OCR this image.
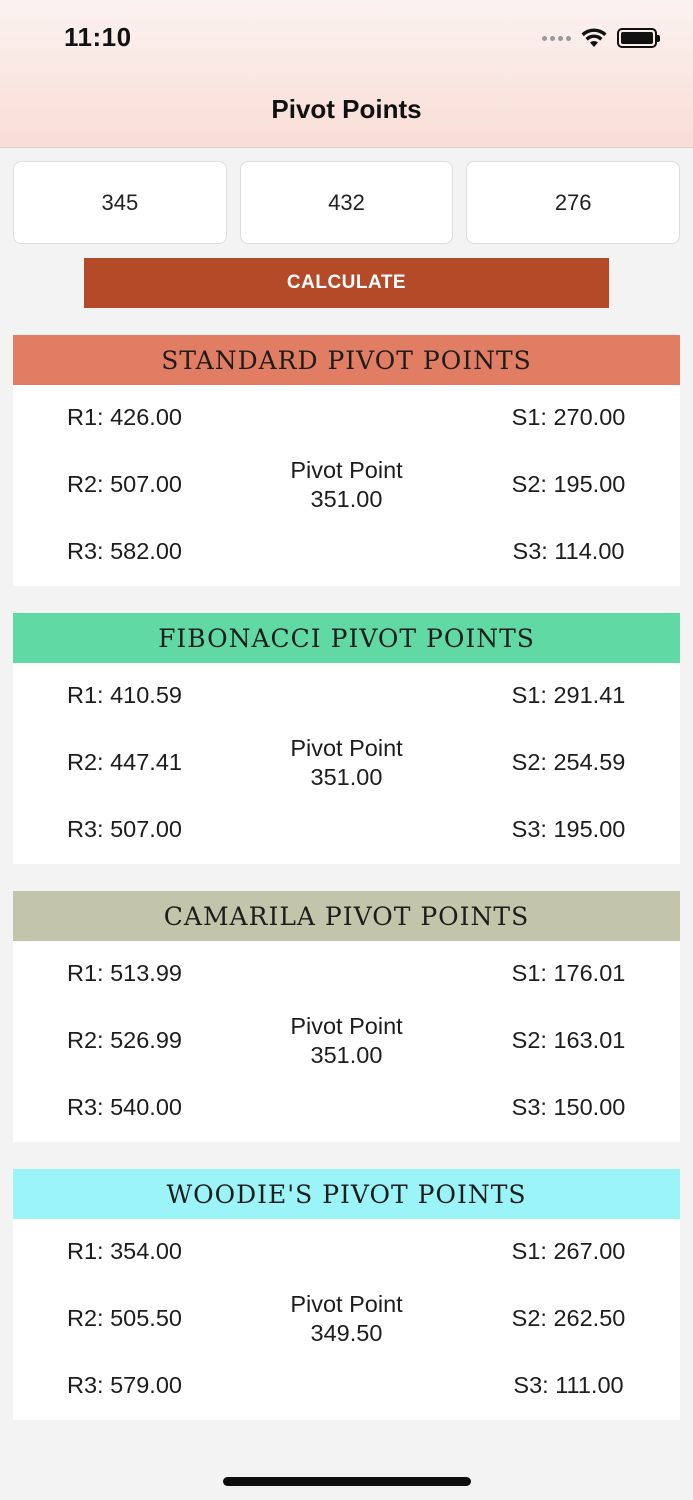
11:10
Pivot Points
345	432	276
CALCULATE
STANDARD PIVOT POINTS
R1: 426.00
R2: 507.00
R3: 582.00
Pivot Point
351.00
S1: 270.00
S2: 195.00
S3: 114.00
FIBONACCI PIVOT POINTS
R1: 410.59
R2: 447.41
R3: 507.00
Pivot Point
351.00
S1: 291.41
S2: 254.59
S3: 195.00
CAMARILA PIVOT POINTS
R1: 513.99
R2: 526.99
R3: 540.00
Pivot Point
351.00
S1: 176.01
S2: 163.01
S3: 150.00
WOODIE'S PIVOT POINTS
R1: 354.00
R2: 505.50
R3: 579.00
Pivot Point
349.50
S1: 267.00
S2: 262.50
S3: 111.00
